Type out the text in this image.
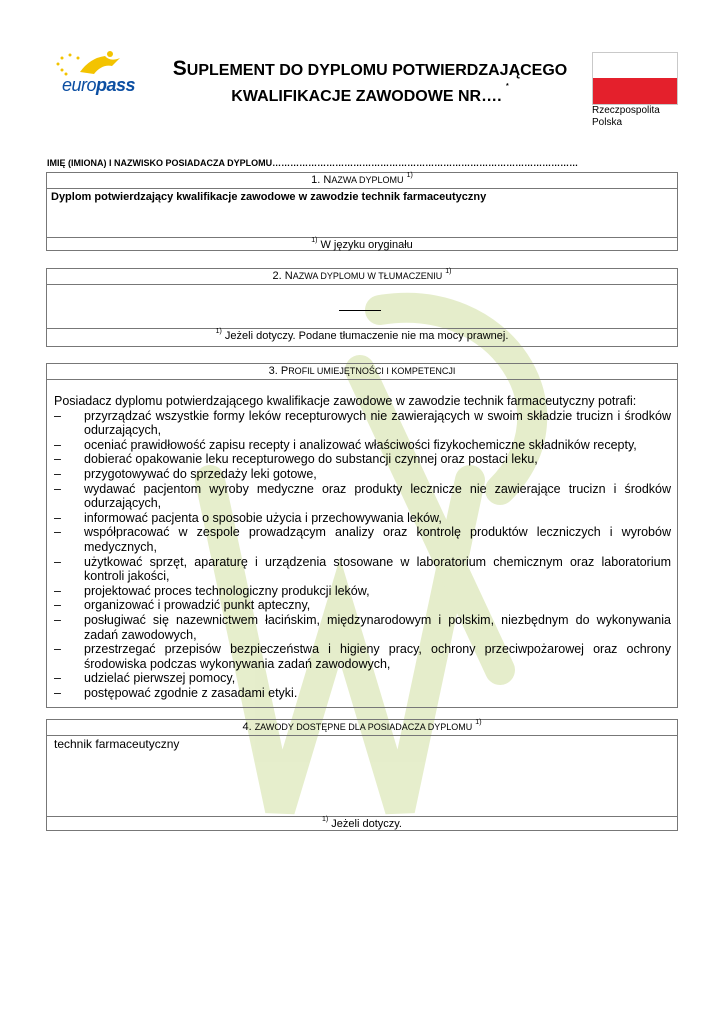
europass
SUPLEMENT DO DYPLOMU POTWIERDZAJĄCEGO
KWALIFIKACJE ZAWODOWE NR…. *
Rzeczpospolita
Polska
IMIĘ (IMIONA) I NAZWISKO POSIADACZA DYPLOMU…………………………………………………………………………………………
1. NAZWA DYPLOMU $^{1)}$
Dyplom potwierdzający kwalifikacje zawodowe w zawodzie technik farmaceutyczny
$^{1)}$ W języku oryginału
2. NAZWA DYPLOMU W TŁUMACZENIU $^{1)}$
$^{1)}$ Jeżeli dotyczy. Podane tłumaczenie nie ma mocy prawnej.
3. PROFIL UMIEJĘTNOŚCI I KOMPETENCJI

Posiadacz dyplomu potwierdzającego kwalifikacje zawodowe w zawodzie technik farmaceutyczny potrafi:

– przyrządzać wszystkie formy leków recepturowych nie zawierających w swoim składzie trucizn i środków odurzających,
– oceniać prawidłowość zapisu recepty i analizować właściwości fizykochemiczne składników recepty,
– dobierać opakowanie leku recepturowego do substancji czynnej oraz postaci leku,
– przygotowywać do sprzedaży leki gotowe,
– wydawać pacjentom wyroby medyczne oraz produkty lecznicze nie zawierające trucizn i środków odurzających,
– informować pacjenta o sposobie użycia i przechowywania leków,
– współpracować w zespole prowadzącym analizy oraz kontrolę produktów leczniczych i wyrobów medycznych,
– użytkować sprzęt, aparaturę i urządzenia stosowane w laboratorium chemicznym oraz laboratorium kontroli jakości,
– projektować proces technologiczny produkcji leków,
– organizować i prowadzić punkt apteczny,
– posługiwać się nazewnictwem łacińskim, międzynarodowym i polskim, niezbędnym do wykonywania zadań zawodowych,
– przestrzegać przepisów bezpieczeństwa i higieny pracy, ochrony przeciwpożarowej oraz ochrony środowiska podczas wykonywania zadań zawodowych,
– udzielać pierwszej pomocy,
– postępować zgodnie z zasadami etyki.
4. ZAWODY DOSTĘPNE DLA POSIADACZA DYPLOMU $^{1)}$
technik farmaceutyczny
$^{1)}$ Jeżeli dotyczy.
